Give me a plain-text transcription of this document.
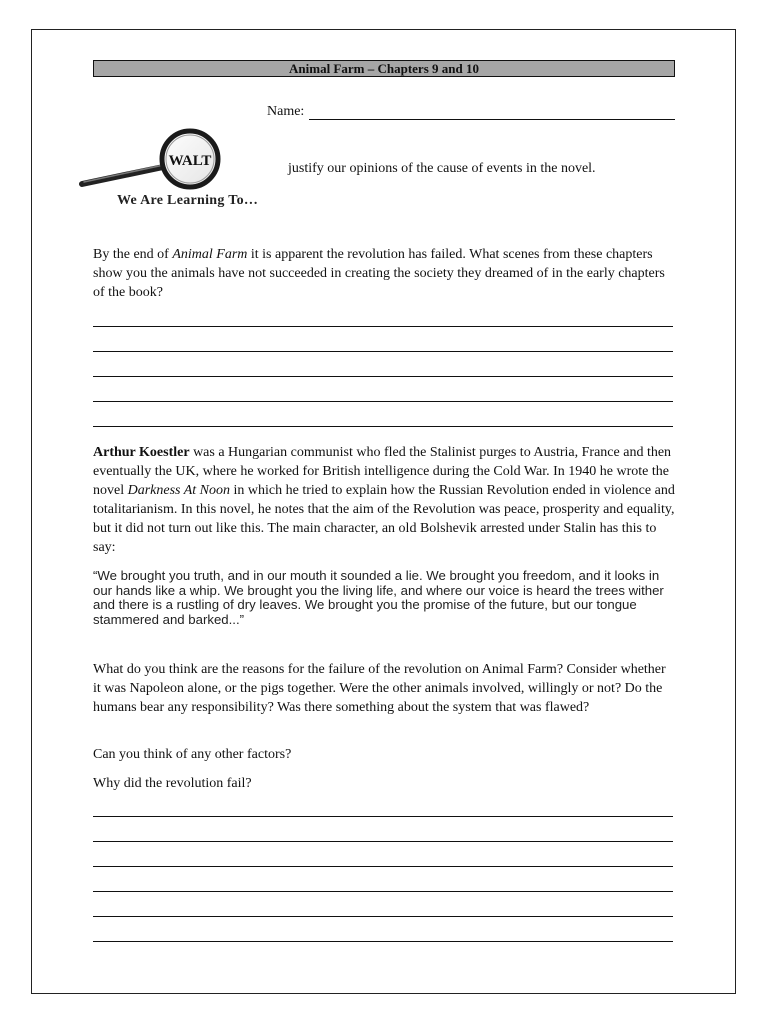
Animal Farm – Chapters 9 and 10
Name:
WALT
We Are Learning To…
justify our opinions of the cause of events in the novel.

By the end of Animal Farm it is apparent the revolution has failed. What scenes from these chapters show you the animals have not succeeded in creating the society they dreamed of in the early chapters of the book?

Arthur Koestler was a Hungarian communist who fled the Stalinist purges to Austria, France and then eventually the UK, where he worked for British intelligence during the Cold War. In 1940 he wrote the novel Darkness At Noon in which he tried to explain how the Russian Revolution ended in violence and totalitarianism. In this novel, he notes that the aim of the Revolution was peace, prosperity and equality, but it did not turn out like this. The main character, an old Bolshevik arrested under Stalin has this to say:

“We brought you truth, and in our mouth it sounded a lie. We brought you freedom, and it looks in our hands like a whip. We brought you the living life, and where our voice is heard the trees wither and there is a rustling of dry leaves. We brought you the promise of the future, but our tongue stammered and barked...”

What do you think are the reasons for the failure of the revolution on Animal Farm? Consider whether it was Napoleon alone, or the pigs together. Were the other animals involved, willingly or not? Do the humans bear any responsibility? Was there something about the system that was flawed?

Can you think of any other factors?

Why did the revolution fail?
